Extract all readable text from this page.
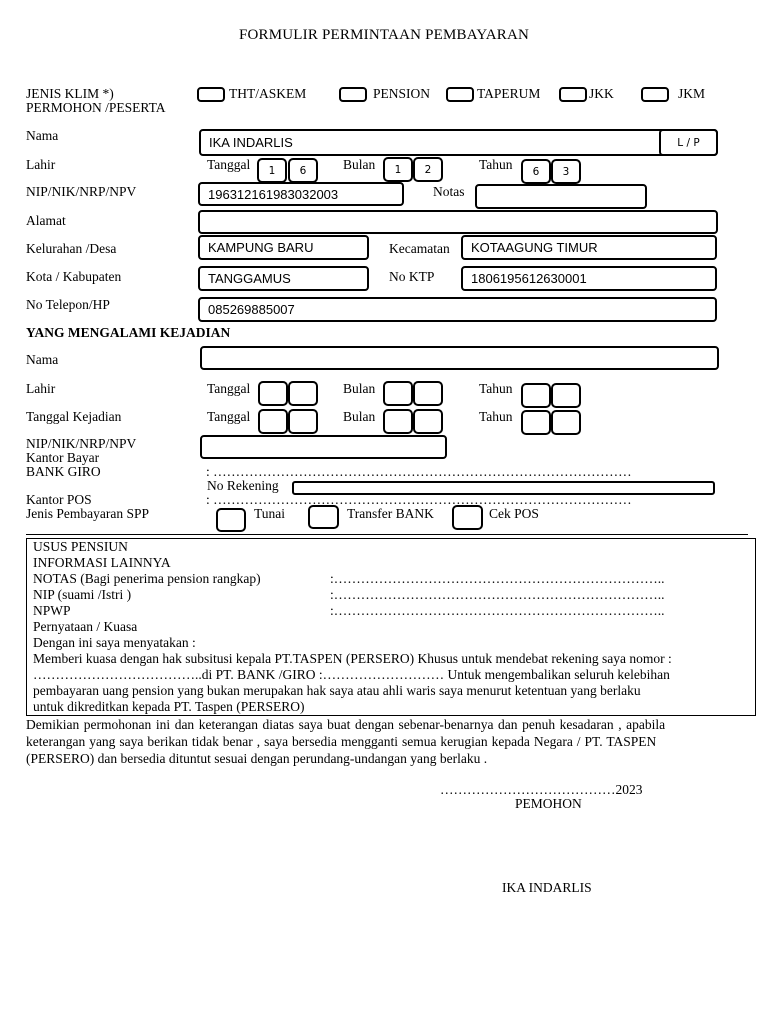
FORMULIR PERMINTAAN PEMBAYARAN
JENIS KLIM *)
PERMOHON /PESERTA
THT/ASKEM	PENSION	TAPERUM	JKK	JKM
Nama	IKA INDARLIS	L / P
Lahir	Tanggal	1	6	Bulan	1	2	Tahun	6	3
NIP/NIK/NRP/NPV	196312161983032003	Notas
Alamat
Kelurahan /Desa	KAMPUNG BARU	Kecamatan KOTAAGUNG TIMUR
Kota / Kabupaten	TANGGAMUS	No KTP	1806195612630001
No Telepon/HP	085269885007
YANG MENGALAMI KEJADIAN
Nama
Lahir	Tanggal	Bulan	Tahun
Tanggal Kejadian	Tanggal	Bulan	Tahun
NIP/NIK/NRP/NPV
Kantor Bayar
BANK GIRO	: …………………………………………………………………………………
No Rekening
Kantor POS	: …………………………………………………………………………………
Jenis Pembayaran SPP	Tunai	Transfer BANK	Cek POS
USUS PENSIUN
INFORMASI LAINNYA
NOTAS (Bagi penerima pension rangkap)	:………………………………………………………………..
NIP (suami /Istri )	:………………………………………………………………..
NPWP	:………………………………………………………………..
Pernyataan / Kuasa
Dengan ini saya menyatakan :
Memberi kuasa dengan hak subsitusi kepala PT.TASPEN (PERSERO) Khusus untuk mendebat rekening saya nomor :
………………………………..di PT. BANK /GIRO :……………………… Untuk mengembalikan seluruh kelebihan
pembayaran uang pension yang bukan merupakan hak saya atau ahli waris saya menurut ketentuan yang berlaku
untuk dikreditkan kepada PT. Taspen (PERSERO)
Demikian permohonan ini dan keterangan diatas saya buat dengan sebenar-benarnya dan penuh kesadaran , apabila
keterangan yang saya berikan tidak benar , saya bersedia mengganti semua kerugian kepada Negara / PT. TASPEN
(PERSERO) dan bersedia dituntut sesuai dengan perundang-undangan yang berlaku .
…………………………………2023
PEMOHON
IKA INDARLIS
